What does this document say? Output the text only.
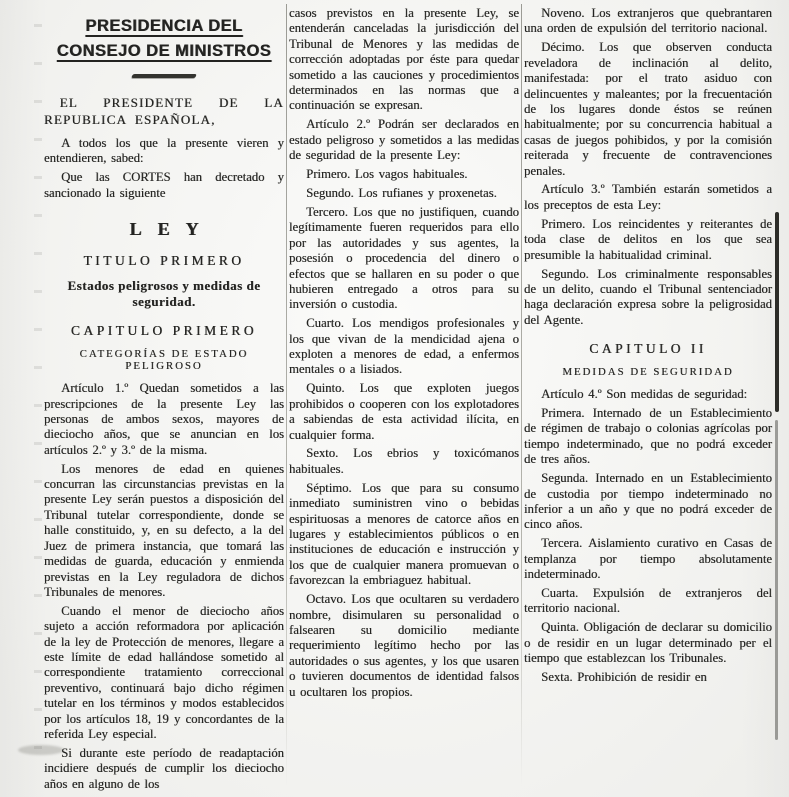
PRESIDENCIA DEL CONSEJO DE MINISTROS
EL PRESIDENTE DE LA REPUBLICA ESPAÑOLA,
A todos los que la presente vieren y entendieren, sabed:
Que las CORTES han decretado y sancionado la siguiente
LEY
TITULO PRIMERO
Estados peligrosos y medidas de seguridad.
CAPITULO PRIMERO
CATEGORÍAS DE ESTADO PELIGROSO
Artículo 1.º Quedan sometidos a las prescripciones de la presente Ley las personas de ambos sexos, mayores de dieciocho años, que se anuncian en los artículos 2.º y 3.º de la misma.
Los menores de edad en quienes concurran las circunstancias previstas en la presente Ley serán puestos a disposición del Tribunal tutelar correspondiente, donde se halle constituido, y, en su defecto, a la del Juez de primera instancia, que tomará las medidas de guarda, educación y enmienda previstas en la Ley reguladora de dichos Tribunales de menores.
Cuando el menor de dieciocho años sujeto a acción reformadora por aplicación de la ley de Protección de menores, llegare a este límite de edad hallándose sometido al correspondiente tratamiento correccional preventivo, continuará bajo dicho régimen tutelar en los términos y modos establecidos por los artículos 18, 19 y concordantes de la referida Ley especial.
Si durante este período de readaptación incidiere después de cumplir los dieciocho años en alguno de los
casos previstos en la presente Ley, se entenderán canceladas la jurisdicción del Tribunal de Menores y las medidas de corrección adoptadas por éste para quedar sometido a las cauciones y procedimientos determinados en las normas que a continuación se expresan.
Artículo 2.º Podrán ser declarados en estado peligroso y sometidos a las medidas de seguridad de la presente Ley:
Primero. Los vagos habituales.
Segundo. Los rufianes y proxenetas.
Tercero. Los que no justifiquen, cuando legítimamente fueren requeridos para ello por las autoridades y sus agentes, la posesión o procedencia del dinero o efectos que se hallaren en su poder o que hubieren entregado a otros para su inversión o custodia.
Cuarto. Los mendigos profesionales y los que vivan de la mendicidad ajena o exploten a menores de edad, a enfermos mentales o a lisiados.
Quinto. Los que exploten juegos prohibidos o cooperen con los explotadores a sabiendas de esta actividad ilícita, en cualquier forma.
Sexto. Los ebrios y toxicómanos habituales.
Séptimo. Los que para su consumo inmediato suministren vino o bebidas espirituosas a menores de catorce años en lugares y establecimientos públicos o en instituciones de educación e instrucción y los que de cualquier manera promuevan o favorezcan la embriaguez habitual.
Octavo. Los que ocultaren su verdadero nombre, disimularen su personalidad o falsearen su domicilio mediante requerimiento legítimo hecho por las autoridades o sus agentes, y los que usaren o tuvieren documentos de identidad falsos u ocultaren los propios.
Noveno. Los extranjeros que quebrantaren una orden de expulsión del territorio nacional.
Décimo. Los que observen conducta reveladora de inclinación al delito, manifestada: por el trato asiduo con delincuentes y maleantes; por la frecuentación de los lugares donde éstos se reúnen habitualmente; por su concurrencia habitual a casas de juegos pohibidos, y por la comisión reiterada y frecuente de contravenciones penales.
Artículo 3.º También estarán sometidos a los preceptos de esta Ley:
Primero. Los reincidentes y reiterantes de toda clase de delitos en los que sea presumible la habitualidad criminal.
Segundo. Los criminalmente responsables de un delito, cuando el Tribunal sentenciador haga declaración expresa sobre la peligrosidad del Agente.
CAPITULO II
MEDIDAS DE SEGURIDAD
Artículo 4.º Son medidas de seguridad:
Primera. Internado de un Establecimiento de régimen de trabajo o colonias agrícolas por tiempo indeterminado, que no podrá exceder de tres años.
Segunda. Internado en un Establecimiento de custodia por tiempo indeterminado no inferior a un año y que no podrá exceder de cinco años.
Tercera. Aislamiento curativo en Casas de templanza por tiempo absolutamente indeterminado.
Cuarta. Expulsión de extranjeros del territorio nacional.
Quinta. Obligación de declarar su domicilio o de residir en un lugar determinado per el tiempo que establezcan los Tribunales.
Sexta. Prohibición de residir en
